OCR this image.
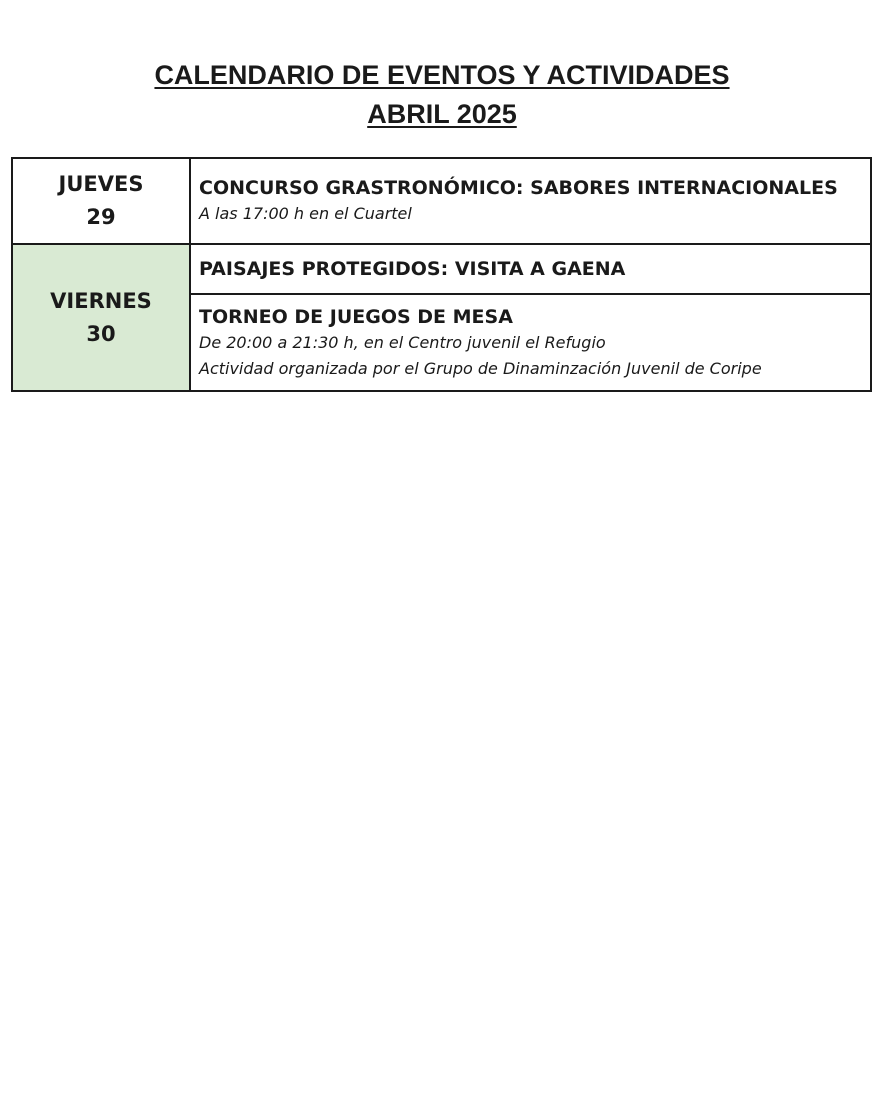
CALENDARIO DE EVENTOS Y ACTIVIDADES
ABRIL 2025
JUEVES
29	CONCURSO GRASTRONÓMICO: SABORES INTERNACIONALES
A las 17:00 h en el Cuartel

VIERNES
30	PAISAJES PROTEGIDOS: VISITA A GAENA

	TORNEO DE JUEGOS DE MESA
De 20:00 a 21:30 h, en el Centro juvenil el Refugio
Actividad organizada por el Grupo de Dinaminzación Juvenil de Coripe
